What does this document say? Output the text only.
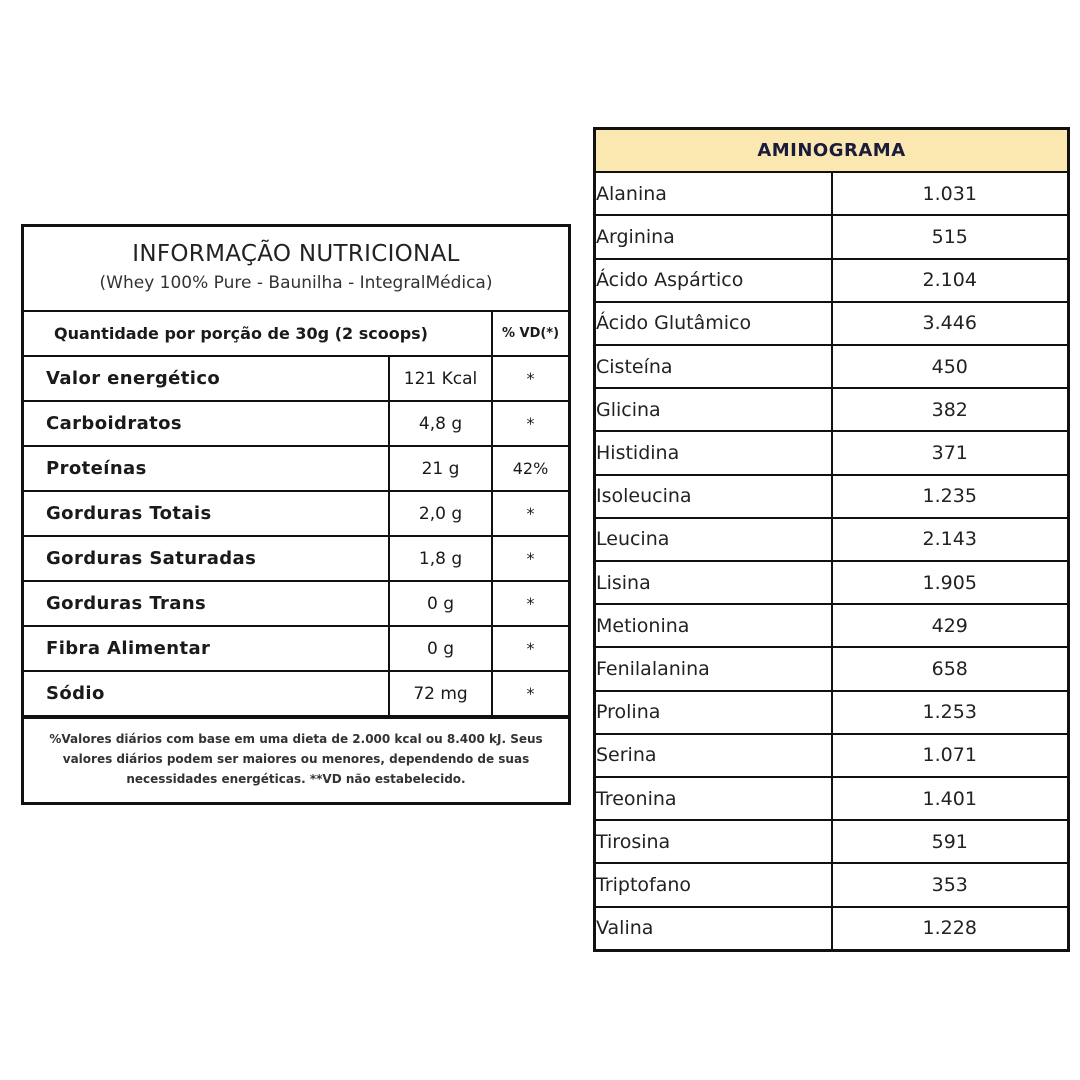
INFORMAÇÃO NUTRICIONAL
(Whey 100% Pure - Baunilha - IntegralMédica)
Quantidade por porção de 30g (2 scoops)		% VD(*)
Valor energético	121 Kcal	*
Carboidratos	4,8 g	*
Proteínas	21 g	42%
Gorduras Totais	2,0 g	*
Gorduras Saturadas	1,8 g	*
Gorduras Trans	0 g	*
Fibra Alimentar	0 g	*
Sódio	72 mg	*
%Valores diários com base em uma dieta de 2.000 kcal ou 8.400 kJ. Seus valores diários podem ser maiores ou menores, dependendo de suas necessidades energéticas. **VD não estabelecido.
AMINOGRAMA	
Alanina	1.031
Arginina	515
Ácido Aspártico	2.104
Ácido Glutâmico	3.446
Cisteína	450
Glicina	382
Histidina	371
Isoleucina	1.235
Leucina	2.143
Lisina	1.905
Metionina	429
Fenilalanina	658
Prolina	1.253
Serina	1.071
Treonina	1.401
Tirosina	591
Triptofano	353
Valina	1.228
